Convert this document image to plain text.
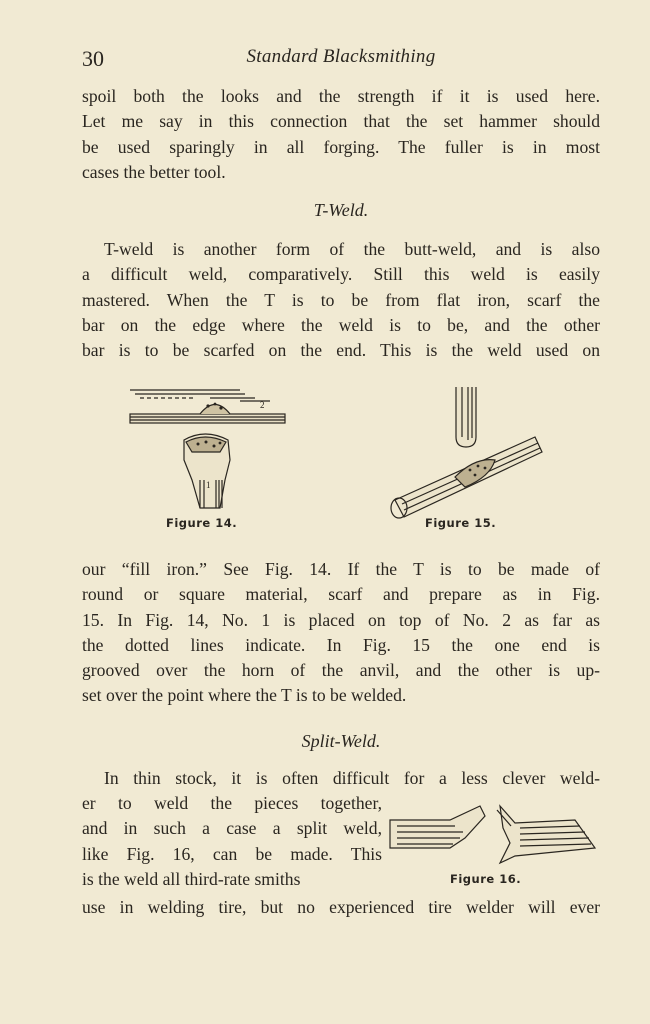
30	Standard Blacksmithing

spoil both the looks and the strength if it is used here.
Let me say in this connection that the set hammer should
be used sparingly in all forging. The fuller is in most
cases the better tool.

T-Weld.

T-weld is another form of the butt-weld, and is also
a difficult weld, comparatively. Still this weld is easily
mastered. When the T is to be from flat iron, scarf the
bar on the edge where the weld is to be, and the other
bar is to be scarfed on the end. This is the weld used on

1
2
Figure 14.	Figure 15.

our “fill iron.” See Fig. 14. If the T is to be made of
round or square material, scarf and prepare as in Fig.
15. In Fig. 14, No. 1 is placed on top of No. 2 as far as
the dotted lines indicate. In Fig. 15 the one end is
grooved over the horn of the anvil, and the other is up-
set over the point where the T is to be welded.

Split-Weld.

In thin stock, it is often difficult for a less clever weld-

er to weld the pieces together,
and in such a case a split weld,
like Fig. 16, can be made. This
is the weld all third-rate smiths	Figure 16.

use in welding tire, but no experienced tire welder will ever
